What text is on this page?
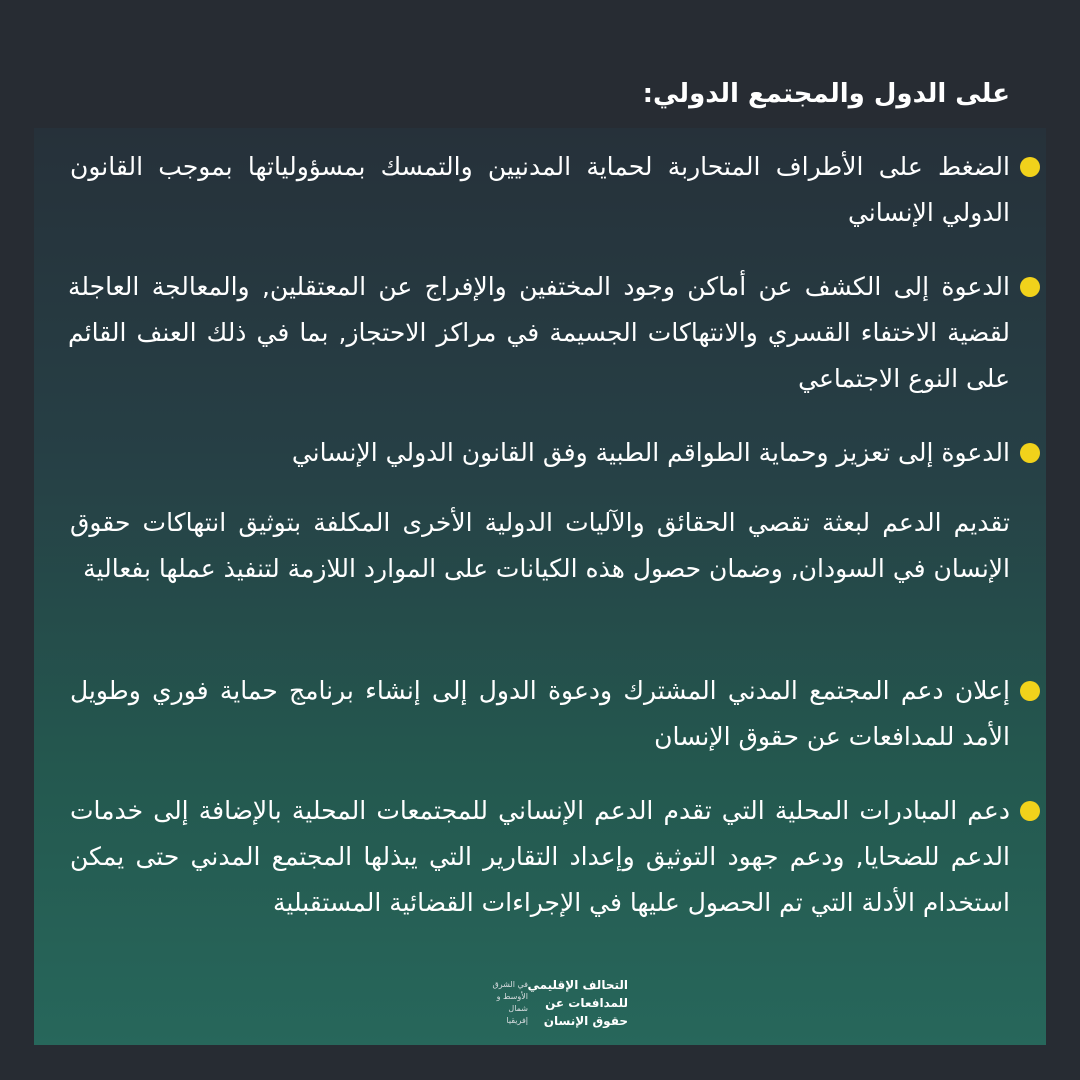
على الدول والمجتمع الدولي:
الضغط على الأطراف المتحاربة لحماية المدنيين والتمسك بمسؤولياتها بموجب القانون الدولي الإنساني
الدعوة إلى الكشف عن أماكن وجود المختفين والإفراج عن المعتقلين, والمعالجة العاجلة لقضية الاختفاء القسري والانتهاكات الجسيمة في مراكز الاحتجاز, بما في ذلك العنف القائم على النوع الاجتماعي
الدعوة إلى تعزيز وحماية الطواقم الطبية وفق القانون الدولي الإنساني
تقديم الدعم لبعثة تقصي الحقائق والآليات الدولية الأخرى المكلفة بتوثيق انتهاكات حقوق الإنسان في السودان, وضمان حصول هذه الكيانات على الموارد اللازمة لتنفيذ عملها بفعالية
إعلان دعم المجتمع المدني المشترك ودعوة الدول إلى إنشاء برنامج حماية فوري وطويل الأمد للمدافعات عن حقوق الإنسان
دعم المبادرات المحلية التي تقدم الدعم الإنساني للمجتمعات المحلية بالإضافة إلى خدمات الدعم للضحايا, ودعم جهود التوثيق وإعداد التقارير التي يبذلها المجتمع المدني حتى يمكن استخدام الأدلة التي تم الحصول عليها في الإجراءات القضائية المستقبلية
التحالف الإقليمي
للمدافعات عن
حقوق الإنسان
في الشرق
الأوسط و
شمال
إفريقيا
